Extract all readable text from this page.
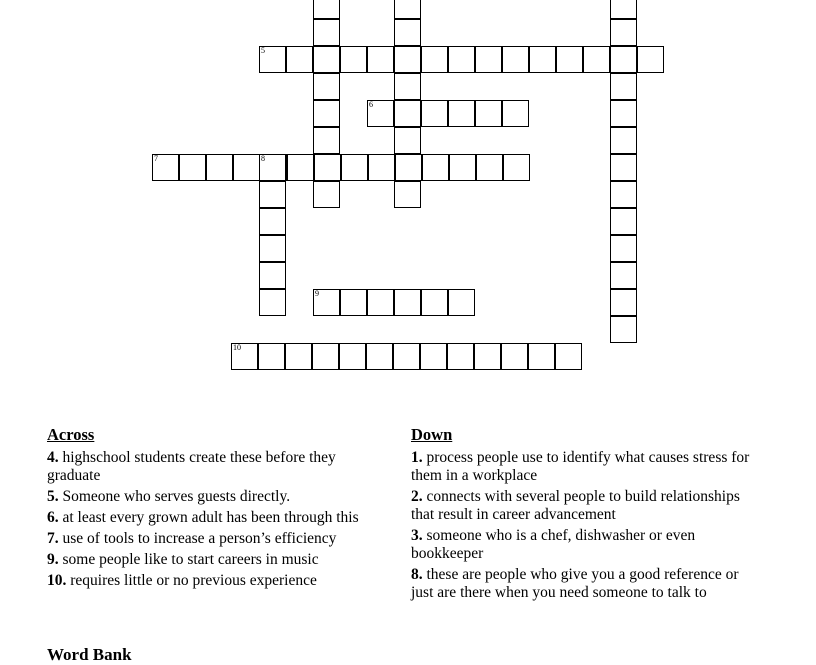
5
6
7	8
9
10
Across
4. highschool students create these before they graduate
5. Someone who serves guests directly.
6. at least every grown adult has been through this
7. use of tools to increase a person’s efficiency
9. some people like to start careers in music
10. requires little or no previous experience
Down
1. process people use to identify what causes stress for them in a workplace
2. connects with several people to build relationships that result in career advancement
3. someone who is a chef, dishwasher or even bookkeeper
8. these are people who give you a good reference or just are there when you need someone to talk to
Word Bank
